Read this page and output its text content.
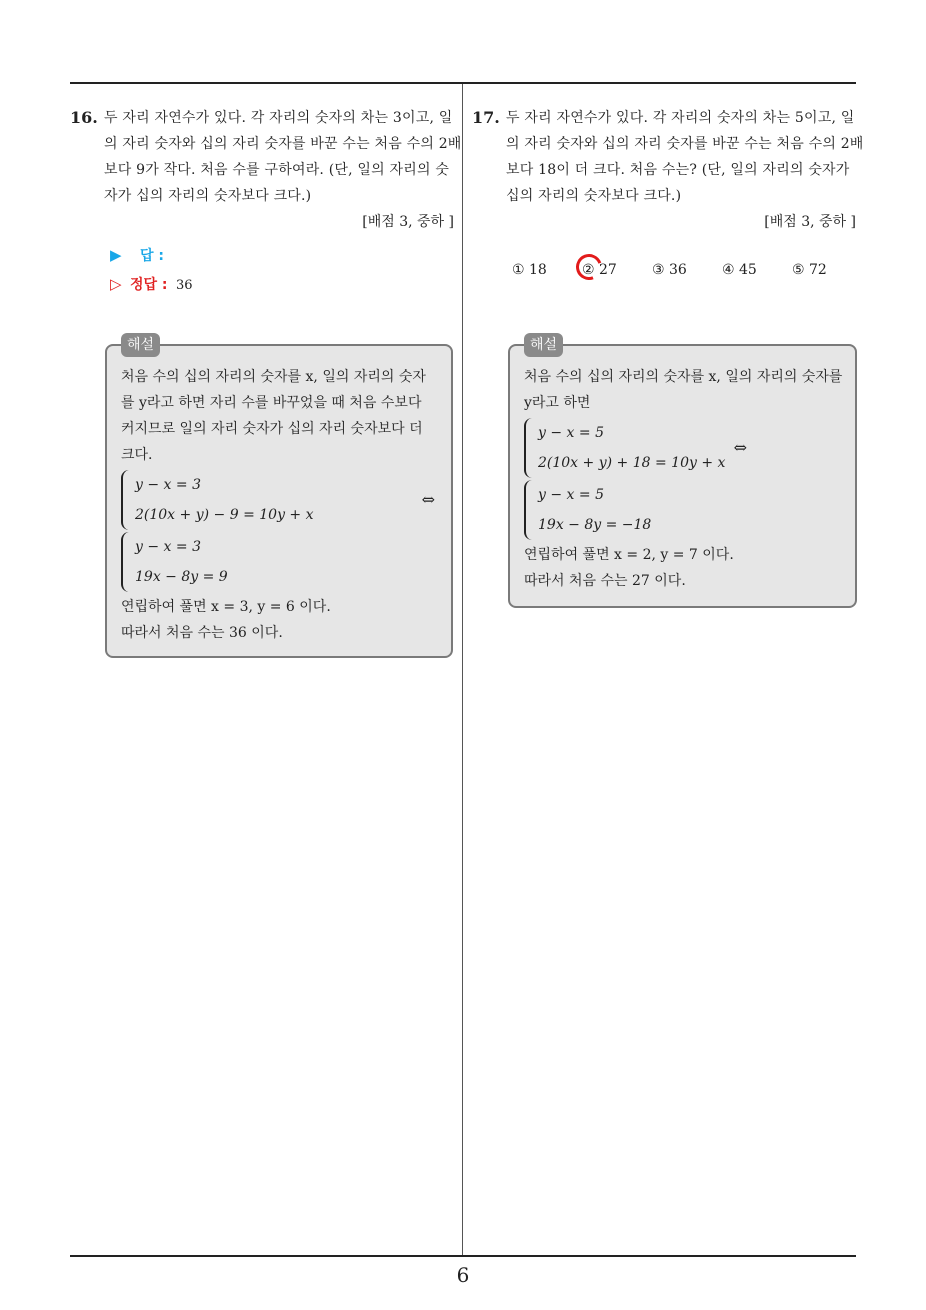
6
16. 두 자리 자연수가 있다. 각 자리의 숫자의 차는 3이고, 일의 자리 숫자와 십의 자리 숫자를 바꾼 수는 처음 수의 2배보다 9가 작다. 처음 수를 구하여라. (단, 일의 자리의 숫자가 십의 자리의 숫자보다 크다.)
[배점 3, 중하 ]
▶ 답 :
▷ 정답 : 36
해설
처음 수의 십의 자리의 숫자를 x, 일의 자리의 숫자를 y라고 하면 자리 수를 바꾸었을 때 처음 수보다 커지므로 일의 자리 숫자가 십의 자리 숫자보다 더 크다.
y − x = 3
2(10x + y) − 9 = 10y + x
⇔
y − x = 3
19x − 8y = 9
연립하여 풀면 x = 3, y = 6 이다.
따라서 처음 수는 36 이다.
17. 두 자리 자연수가 있다. 각 자리의 숫자의 차는 5이고, 일의 자리 숫자와 십의 자리 숫자를 바꾼 수는 처음 수의 2배보다 18이 더 크다. 처음 수는? (단, 일의 자리의 숫자가 십의 자리의 숫자보다 크다.)
[배점 3, 중하 ]
① 18	② 27	③ 36	④ 45	⑤ 72
해설
처음 수의 십의 자리의 숫자를 x, 일의 자리의 숫자를 y라고 하면
y − x = 5
2(10x + y) + 18 = 10y + x
⇔
y − x = 5
19x − 8y = −18
연립하여 풀면 x = 2, y = 7 이다.
따라서 처음 수는 27 이다.
